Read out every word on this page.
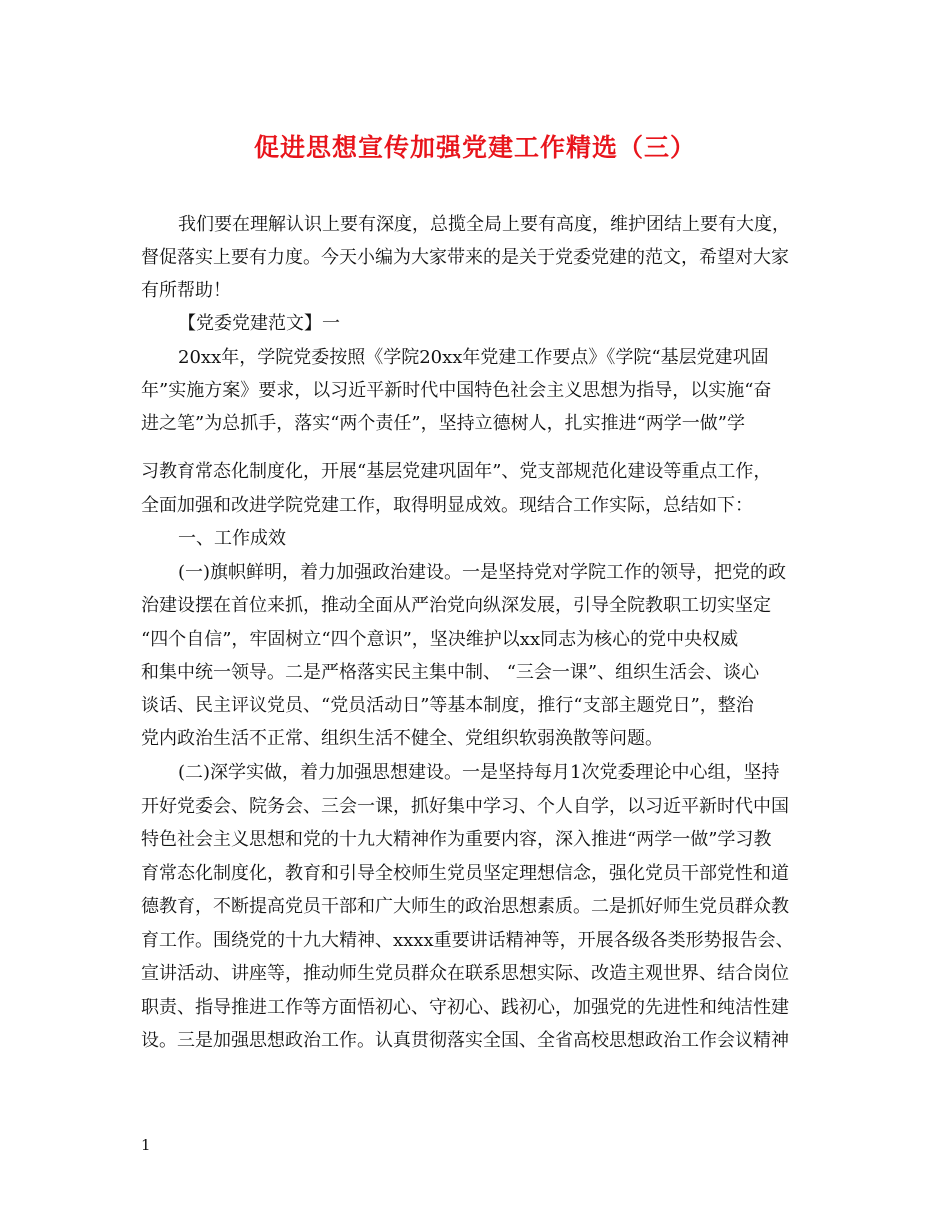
促进思想宣传加强党建工作精选（三）
我们要在理解认识上要有深度，总揽全局上要有高度，维护团结上要有大度，
督促落实上要有力度。今天小编为大家带来的是关于党委党建的范文，希望对大家
有所帮助！
【党委党建范文】一
20xx年，学院党委按照《学院20xx年党建工作要点》《学院“基层党建巩固
年”实施方案》要求，以习近平新时代中国特色社会主义思想为指导，以实施“奋
进之笔”为总抓手，落实“两个责任”，坚持立德树人，扎实推进“两学一做”学
习教育常态化制度化，开展“基层党建巩固年”、党支部规范化建设等重点工作，
全面加强和改进学院党建工作，取得明显成效。现结合工作实际，总结如下：
一、工作成效
(一)旗帜鲜明，着力加强政治建设。一是坚持党对学院工作的领导，把党的政
治建设摆在首位来抓，推动全面从严治党向纵深发展，引导全院教职工切实坚定
“四个自信”，牢固树立“四个意识”，坚决维护以xx同志为核心的党中央权威
和集中统一领导。二是严格落实民主集中制、 “三会一课”、组织生活会、谈心
谈话、民主评议党员、“党员活动日”等基本制度，推行“支部主题党日”，整治
党内政治生活不正常、组织生活不健全、党组织软弱涣散等问题。
(二)深学实做，着力加强思想建设。一是坚持每月1次党委理论中心组，坚持
开好党委会、院务会、三会一课，抓好集中学习、个人自学，以习近平新时代中国
特色社会主义思想和党的十九大精神作为重要内容，深入推进“两学一做”学习教
育常态化制度化，教育和引导全校师生党员坚定理想信念，强化党员干部党性和道
德教育，不断提高党员干部和广大师生的政治思想素质。二是抓好师生党员群众教
育工作。围绕党的十九大精神、xxxx重要讲话精神等，开展各级各类形势报告会、
宣讲活动、讲座等，推动师生党员群众在联系思想实际、改造主观世界、结合岗位
职责、指导推进工作等方面悟初心、守初心、践初心，加强党的先进性和纯洁性建
设。三是加强思想政治工作。认真贯彻落实全国、全省高校思想政治工作会议精神
1
